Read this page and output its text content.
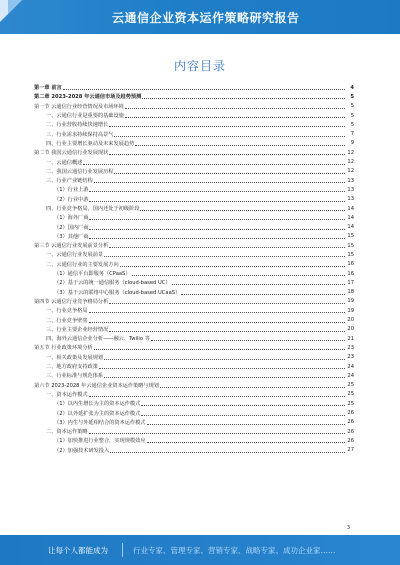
云通信企业资本运作策略研究报告
内容目录
第一章 前言	4
第二章 2023-2028 年云通信市场及趋势预测	5
第一节 云通信行业经营情况及市场环境	5
一、云通信行业是重要的基础设施	5
二、行业营收持续快速增长	5
三、行业需求持续保持高景气	7
四、行业主要增长驱动及未来发展趋势	9
第二节 我国云通信行业发展现状	12
一、云通信概述	12
二、我国云通信行业发展历程	12
三、行业产业链结构	13
（1）行业上游	13
（2）行业中游	13
四、行业竞争格局，国内还处于初级阶段	14
（1）海外厂商	14
（2）国内厂商	14
（3）其他厂商	15
第三节 云通信行业发展前景分析	15
一、云通信行业发展前景	15
二、云通信行业的主要发展方向	16
（1）通信平台即服务（CPaaS）	16
（2）基于云的统一通信服务（cloud-based UC）	17
（3）基于云的联络中心服务（cloud-based UCaaS）	18
第四节 云通信行业竞争格局分析	19
一、行业竞争格局	19
二、行业竞争壁垒	20
三、行业主要企业经营情况	20
四、海外云通信企业分析——融云、Twilio 等	21
第五节 行业政策环境分析	23
一、相关政策及发展规划	23
二、地方政府支持政策	24
三、行业标准与规范体系	24
第六节 2023-2028 年云通信企业资本运作策略与规划	25
一、资本运作模式	25
（1）以内生增长为主的资本运作模式	25
（2）以外延扩张为主的资本运作模式	26
（3）内生与外延相结合的资本运作模式	26
二、资本运作策略	26
（1）加快推进行业整合，实现规模效应	26
（2）加强技术研发投入	27
3
让每个人都能成为	行业专家、管理专家、营销专家、战略专家、成功企业家……
